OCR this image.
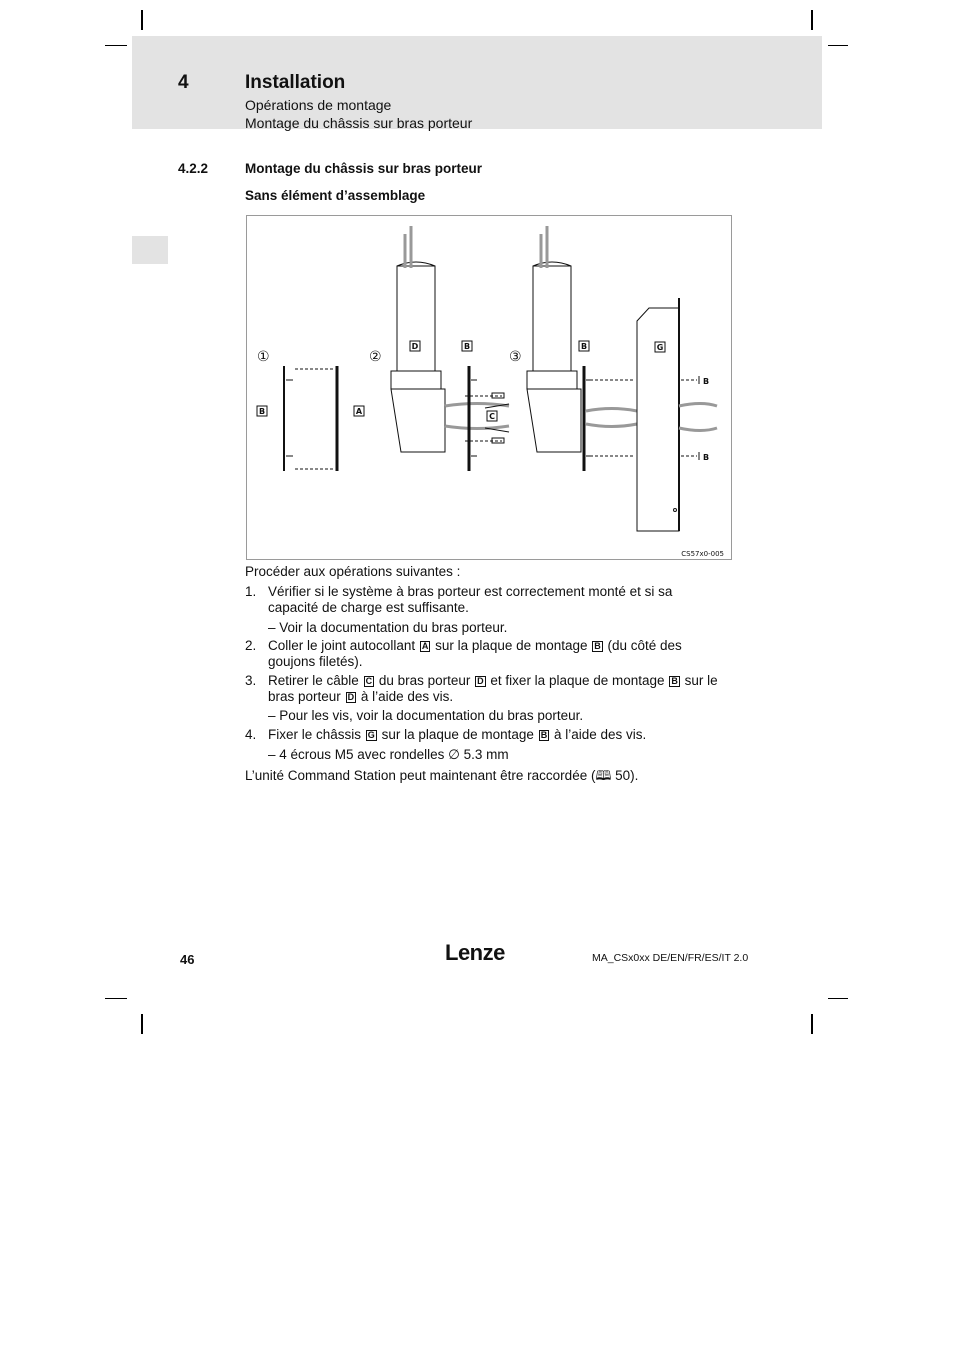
4	Installation
Opérations de montage
Montage du châssis sur bras porteur
4.2.2	Montage du châssis sur bras porteur
Sans élément d’assemblage
B	A
C
D	B	B	G
B
B
①	②	③
CS57x0-005
Procéder aux opérations suivantes :
1. Vérifier si le système à bras porteur est correctement monté et si sa
capacité de charge est suffisante.
– Voir la documentation du bras porteur.
2. Coller le joint autocollant A sur la plaque de montage B (du côté des
goujons filetés).
3. Retirer le câble C du bras porteur D et fixer la plaque de montage B sur le
bras porteur D à l’aide des vis.
– Pour les vis, voir la documentation du bras porteur.
4. Fixer le châssis G sur la plaque de montage B à l’aide des vis.
– 4 écrous M5 avec rondelles ∅ 5.3 mm
L’unité Command Station peut maintenant être raccordée (🕮 50).
46	Lenze	MA_CSx0xx DE/EN/FR/ES/IT 2.0
